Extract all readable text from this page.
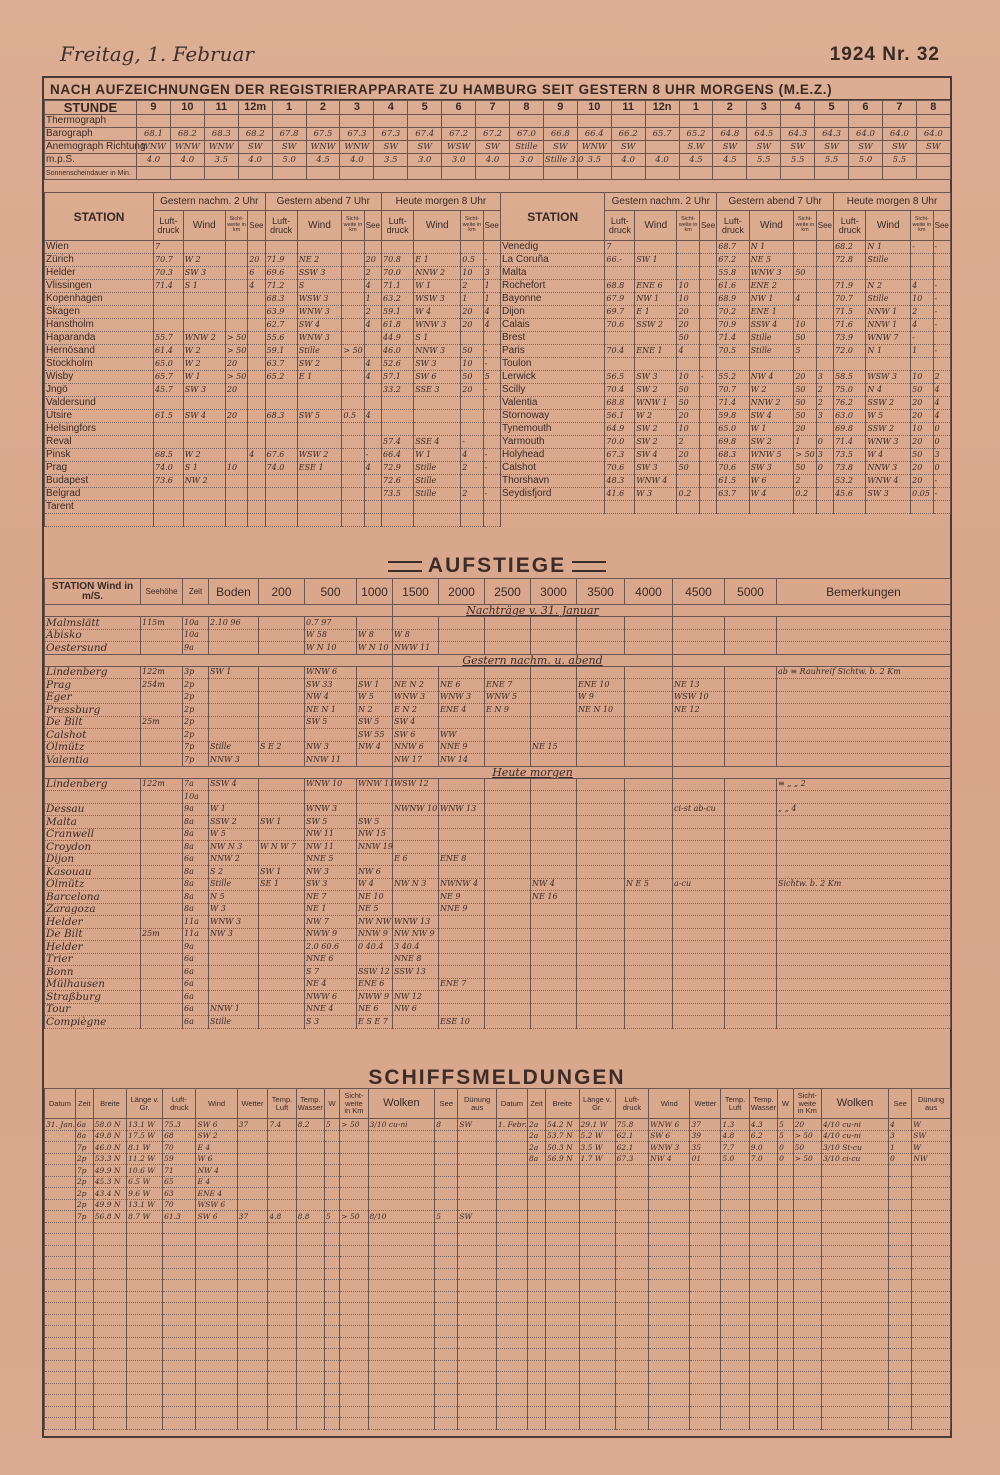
Freitag, 1. Februar	1924 Nr. 32
NACH AUFZEICHNUNGEN DER REGISTRIERAPPARATE ZU HAMBURG SEIT GESTERN 8 UHR MORGENS (M.E.Z.)
STUNDE	9	10	11	12m	1	2	3	4	5	6	7	8	9	10	11	12n	1	2	3	4	5	6	7	8
Thermograph																								
Barograph	68.1	68.2	68.3	68.2	67.8	67.5	67.3	67.3	67.4	67.2	67.2	67.0	66.8	66.4	66.2	65.7	65.2	64.8	64.5	64.3	64.3	64.0	64.0	64.0
Anemograph Richtung	WNW	WNW	WNW	SW	SW	WNW	WNW	SW	SW	WSW	SW	Stille	SW	WNW	SW		S.W	SW	SW	SW	SW	SW	SW	SW
m.p.S.	4.0	4.0	3.5	4.0	5.0	4.5	4.0	3.5	3.0	3.0	4.0	3.0	Stille 3.0	3.5	4.0	4.0	4.5	4.5	5.5	5.5	5.5	5.0	5.5	
Sonnenscheindauer in Min.																								
STATION	Gestern nachm. 2 Uhr				Gestern abend 7 Uhr				Heute morgen 8 Uhr			
	Luft-druck	Wind	Sicht-weite in km	See	Luft-druck	Wind	Sicht-weite in km	See	Luft-druck	Wind	Sicht-weite in km	See
Wien	7											
Zürich	70.7	W 2		20	71.9	NE 2		20	70.8	E 1	0.5	-
Helder	70.3	SW 3		6	69.6	SSW 3		2	70.0	NNW 2	10	3
Vlissingen	71.4	S 1		4	71.2	S		4	71.1	W 1	2	1
Kopenhagen					68.3	WSW 3		1	63.2	WSW 3	1	1
Skagen					63.9	WNW 3		2	59.1	W 4	20	4
Hanstholm					62.7	SW 4		4	61.8	WNW 3	20	4
Haparanda	55.7	WNW 2	> 50		55.6	WNW 3			44.9	S 1		
Hernösand	61.4	W 2	> 50		59.1	Stille	> 50		46.0	NNW 3	50	-
Stockholm	65.0	W 2	20		63.7	SW 2		4	52.6	SW 3	10	-
Wisby	65.7	W 1	> 50		65.2	E 1		4	57.1	SW 6	50	5
Jngö	45.7	SW 3	20						33.2	SSE 3	20	-
Valdersund												
Utsire	61.5	SW 4	20		68.3	SW 5	0.5	4				
Helsingfors												
Reval									57.4	SSE 4	-	
Pinsk	68.5	W 2		4	67.6	WSW 2		-	66.4	W 1	4	-
Prag	74.0	S 1	10		74.0	ESE 1		4	72.9	Stille	2	-
Budapest	73.6	NW 2							72.6	Stille		
Belgrad									73.5	Stille	2	-
Tarent												

STATION	Gestern nachm. 2 Uhr				Gestern abend 7 Uhr				Heute morgen 8 Uhr			
	Luft-druck	Wind	Sicht-weite in km	See	Luft-druck	Wind	Sicht-weite in km	See	Luft-druck	Wind	Sicht-weite in km	See
Venedig	7				68.7	N 1			68.2	N 1	-	-
La Coruña	66.-	SW 1			67.2	NE 5			72.8	Stille		
Malta					55.8	WNW 3	50					
Rochefort	68.8	ENE 6	10		61.6	ENE 2			71.9	N 2	4	-
Bayonne	67.9	NW 1	10		68.9	NW 1	4		70.7	Stille	10	-
Dijon	69.7	E 1	20		70.2	ENE 1			71.5	NNW 1	2	-
Calais	70.6	SSW 2	20		70.9	SSW 4	10		71.6	NNW 1	4	-
Brest			50		71.4	Stille	50		73.9	WNW 7	-	
Paris	70.4	ENE 1	4		70.5	Stille	5		72.0	N 1	1	-
Toulon												
Lerwick	56.5	SW 3	10	-	55.2	NW 4	20	3	58.5	WSW 3	10	2
Scilly	70.4	SW 2	50		70.7	W 2	50	2	75.0	N 4	50	4
Valentia	68.8	WNW 1	50		71.4	NNW 2	50	2	76.2	SSW 2	20	4
Stornoway	56.1	W 2	20		59.8	SW 4	50	3	63.0	W 5	20	4
Tynemouth	64.9	SW 2	10		65.0	W 1	20		69.8	SSW 2	10	0
Yarmouth	70.0	SW 2	2		69.8	SW 2	1	0	71.4	WNW 3	20	0
Holyhead	67.3	SW 4	20		68.3	WNW 5	> 50	3	73.5	W 4	50	3
Calshot	70.6	SW 3	50		70.6	SW 3	50	0	73.8	NNW 3	20	0
Thorshavn	48.3	WNW 4			61.5	W 6	2		53.2	WNW 4	20	-
Seydisfjord	41.6	W 3	0.2		63.7	W 4	0.2		45.6	SW 3	0.05	-

AUFSTIEGE
STATION Wind in m/S.	Seehöhe	Zeit	Boden	200	500	1000	1500	2000	2500	3000	3500	4000	4500	5000	Bemerkungen
							Nachträge v. 31. Januar								
Malmslätt	115m	10a	2.10 96		0.7 97										
Abisko		10a			W 58	W 8	W 8								
Oestersund		9a			W N 10	W N 10	NWW 11								
							Gestern nachm. u. abend								
Lindenberg	122m	3p	SW 1		WNW 6										ab ≡ Rauhreif Sichtw. b. 2 Km
Prag	254m	2p			SW 33	SW 1	NE N 2	NE 6	ENE 7		ENE 10		NE 13		
Eger		2p			NW 4	W 5	WNW 3	WNW 3	WNW 5		W 9		WSW 10		
Pressburg		2p			NE N 1	N 2	E N 2	ENE 4	E N 9		NE N 10		NE 12		
De Bilt	25m	2p			SW 5	SW 5	SW 4								
Calshot		2p				SW 55	SW 6	WW							
Olmütz		7p	Stille	S E 2	NW 3	NW 4	NNW 6	NNE 9		NE 15					
Valentia		7p	NNW 3		NNW 11		NW 17	NW 14							
							Heute morgen								
Lindenberg	122m	7a	SSW 4		WNW 10	WNW 11	WSW 12								≡ „ „ 2
		10a													
Dessau		9a	W 1		WNW 3		NWNW 10	WNW 13					ci-st ab-cu		„ „ 4
Malta		8a	SSW 2	SW 1	SW 5	SW 5									
Cranwell		8a	W 5		NW 11	NW 15									
Croydon		8a	NW N 3	W N W 7	NW 11	NNW 19									
Dijon		6a	NNW 2		NNE 5		E 6	ENE 8							
Kasouau		8a	S 2	SW 1	NW 3	NW 6									
Olmütz		8a	Stille	SE 1	SW 3	W 4	NW N 3	NWNW 4		NW 4		N E 5	a-cu		Sichtw. b. 2 Km
Barcelona		8a	N 5		NE 7	NE 10		NE 9		NE 16					
Zaragoza		8a	W 3		NE 1	NE 5		NNE 9							
Helder		11a	WNW 3		NW 7	NW NW	WNW 13								
De Bilt	25m	11a	NW 3		NWW 9	NNW 9	NW NW 9								
Helder		9a			2.0 60.6	0 40.4	3 40.4								
Trier		6a			NNE 6		NNE 8								
Bonn		6a			S 7	SSW 12	SSW 13								
Mülhausen		6a			NE 4	ENE 6		ENE 7							
Straßburg		6a			NWW 6	NWW 9	NW 12								
Tour		6a	NNW 1		NNE 4	NE 6	NW 6								
Compiègne		6a	Stille		S 3	E S E 7		ESE 10							
SCHIFFSMELDUNGEN
Datum	Zeit	Breite	Länge v. Gr.	Luft-druck	Wind	Wetter	Temp. Luft	Temp. Wasser	W	Sicht-weite in Km	Wolken	See	Dünung aus
31. Jan.	6a	58.0 N	13.1 W	75.3	SW 6	37	7.4	8.2	5	> 50	3/10 cu-ni	8	SW
	8a	49.8 N	17.5 W	68	SW 2								
	7p	46.0 N	8.1 W	70	E 4								
	2p	53.3 N	11.2 W	59	W 6								
	7p	49.9 N	10.6 W	71	NW 4								
	2p	45.3 N	6.5 W	65	E 4								
	2p	43.4 N	9.6 W	63	ENE 4								
	2p	49.9 N	13.1 W	70	WSW 6								
	7p	56.8 N	8.7 W	61.3	SW 6	37	4.8	8.8	5	> 50	8/10	5	SW

Datum	Zeit	Breite	Länge v. Gr.	Luft-druck	Wind	Wetter	Temp. Luft	Temp. Wasser	W	Sicht-weite in Km	Wolken	See	Dünung aus
1. Febr.	2a	54.2 N	29.1 W	75.8	WNW 6	37	1.3	4.3	5	20	4/10 cu-ni	4	W
	2a	53.7 N	5.2 W	62.1	SW 6	39	4.8	6.2	5	> 50	4/10 cu-ni	3	SW
	2a	50.3 N	3.5 W	62.1	WNW 3	35	7.7	9.0	0	50	3/10 St-cu	1	W
	8a	56.9 N	1.7 W	67.3	NW 4	01	5.0	7.0	0	> 50	3/10 ci-cu	0	NW
